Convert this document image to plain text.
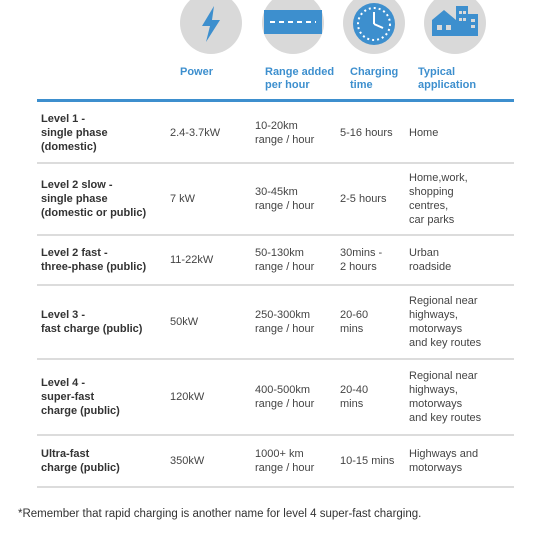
Power	Range added
per hour
Charging
time
Typical
application
Level 1 -
single phase
(domestic)
2.4-3.7kW
10-20km
range / hour
5-16 hours Home
Level 2 slow -
single phase
(domestic or public)
7 kW
30-45km
range / hour
2-5 hours
Home,work,
shopping
centres,
car parks
Level 2 fast -
three-phase (public)
11-22kW
50-130km
range / hour
30mins -
2 hours
Urban
roadside
Level 3 -
fast charge (public)
50kW
250-300km
range / hour
20-60
mins
Regional near
highways,
motorways
and key routes
Level 4 -
super-fast
charge (public)
120kW
400-500km
range / hour
20-40
mins
Regional near
highways,
motorways
and key routes
Ultra-fast
charge (public)
350kW
1000+ km
range / hour
10-15 mins
Highways and
motorways
*Remember that rapid charging is another name for level 4 super-fast charging.
